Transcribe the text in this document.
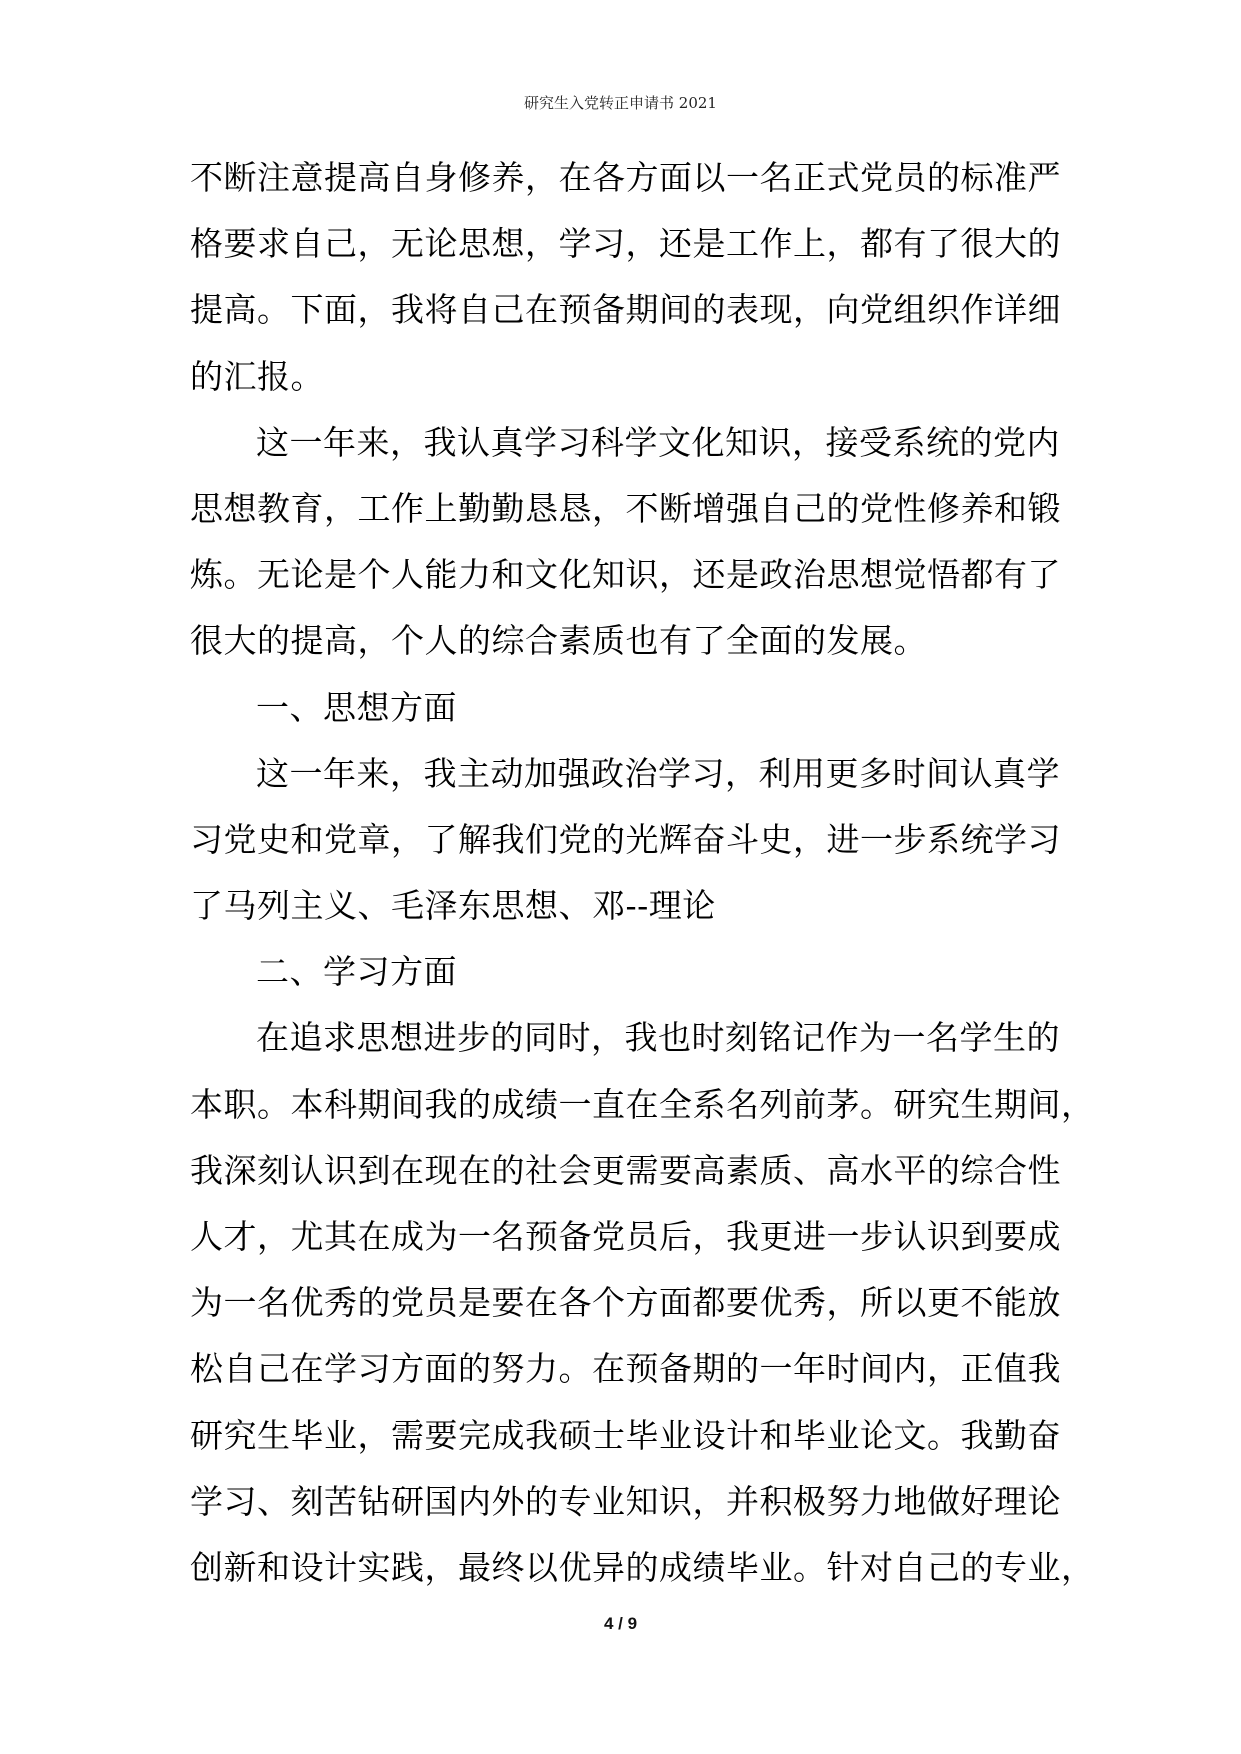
研究生入党转正申请书 2021
不断注意提高自身修养，在各方面以一名正式党员的标准严
格要求自己，无论思想，学习，还是工作上，都有了很大的
提高。下面，我将自己在预备期间的表现，向党组织作详细
的汇报。
这一年来，我认真学习科学文化知识，接受系统的党内
思想教育，工作上勤勤恳恳，不断增强自己的党性修养和锻
炼。无论是个人能力和文化知识，还是政治思想觉悟都有了
很大的提高，个人的综合素质也有了全面的发展。
一、思想方面
这一年来，我主动加强政治学习，利用更多时间认真学
习党史和党章，了解我们党的光辉奋斗史，进一步系统学习
了马列主义、毛泽东思想、邓--理论
二、学习方面
在追求思想进步的同时，我也时刻铭记作为一名学生的
本职。本科期间我的成绩一直在全系名列前茅。研究生期间，
我深刻认识到在现在的社会更需要高素质、高水平的综合性
人才，尤其在成为一名预备党员后，我更进一步认识到要成
为一名优秀的党员是要在各个方面都要优秀，所以更不能放
松自己在学习方面的努力。在预备期的一年时间内，正值我
研究生毕业，需要完成我硕士毕业设计和毕业论文。我勤奋
学习、刻苦钻研国内外的专业知识，并积极努力地做好理论
创新和设计实践，最终以优异的成绩毕业。针对自己的专业，
4 / 9
